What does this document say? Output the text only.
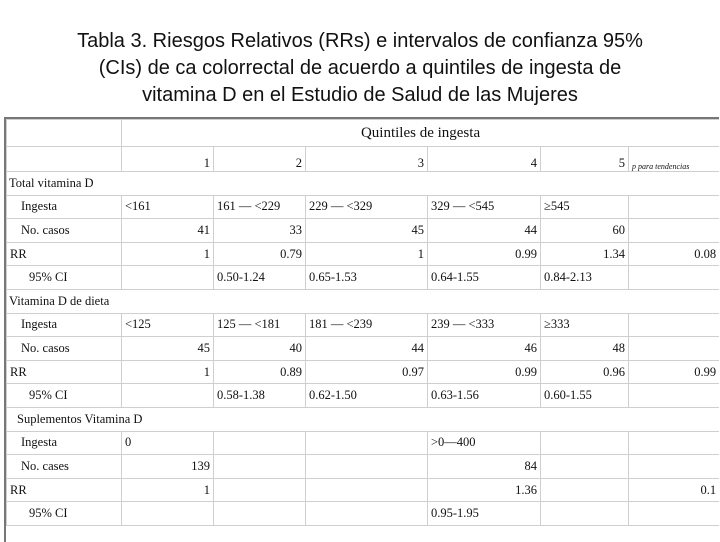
Tabla 3. Riesgos Relativos (RRs) e intervalos de confianza 95%
(CIs) de ca colorrectal de acuerdo a quintiles de ingesta de
vitamina D en el Estudio de Salud de las Mujeres
	Quintiles de ingesta					
	1	2	3	4	5	p para tendencias
Total vitamina D						
Ingesta	<161	161 — <229	229 — <329	329 — <545	≥545	
No. casos	41	33	45	44	60	
RR	1	0.79	1	0.99	1.34	0.08
95% CI		0.50-1.24	0.65-1.53	0.64-1.55	0.84-2.13	
Vitamina D de dieta						
Ingesta	<125	125 — <181	181 — <239	239 — <333	≥333	
No. casos	45	40	44	46	48	
RR	1	0.89	0.97	0.99	0.96	0.99
95% CI		0.58-1.38	0.62-1.50	0.63-1.56	0.60-1.55	
Suplementos Vitamina D						
Ingesta	0			>0—400		
No. cases	139			84		
RR	1			1.36		0.1
95% CI				0.95-1.95		
